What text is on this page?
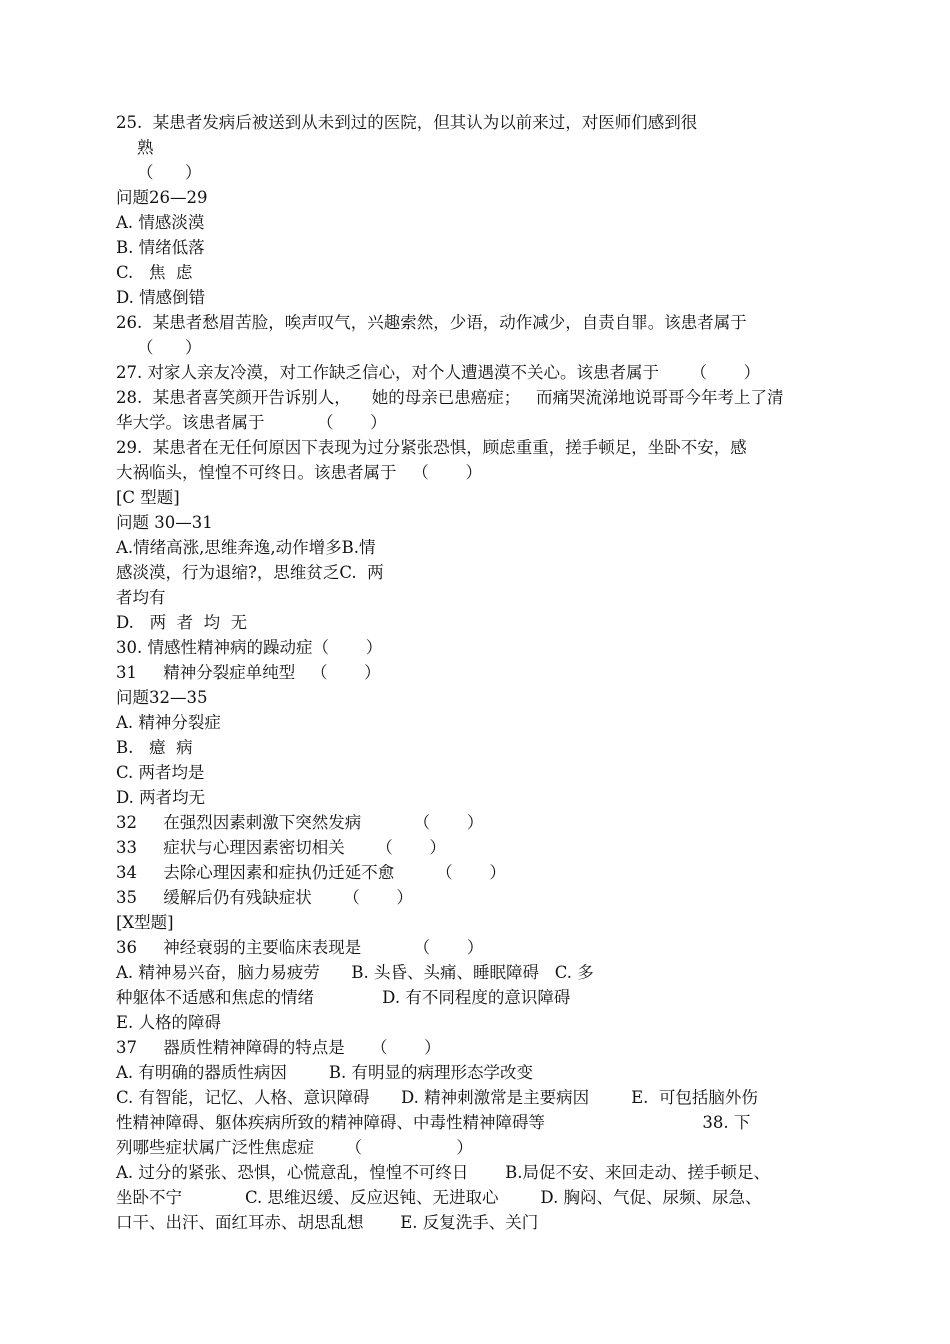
25.  某患者发病后被送到从未到过的医院，但其认为以前来过，对医师们感到很
熟
（      ）
问题26—29
A. 情感淡漠
B. 情绪低落
C.   焦  虑
D. 情感倒错
26.  某患者愁眉苦脸，唉声叹气，兴趣索然，少语，动作减少，自责自罪。该患者属于
（      ）
27. 对家人亲友冷漠，对工作缺乏信心，对个人遭遇漠不关心。该患者属于      （       ）
28.  某患者喜笑颜开告诉别人，    她的母亲已患癌症；   而痛哭流涕地说哥哥今年考上了清
华大学。该患者属于          （       ）
29.  某患者在无任何原因下表现为过分紧张恐惧，顾虑重重，搓手顿足，坐卧不安，感
大祸临头，惶惶不可终日。该患者属于   （       ）
[C 型题]
问题 30—31
A.情绪高涨,思维奔逸,动作增多B.情
感淡漠，行为退缩?，思维贫乏C.  两
者均有
D.   两  者  均  无
30. 情感性精神病的躁动症（       ）
31     精神分裂症单纯型   （       ）
问题32—35
A. 精神分裂症
B.   癔  病
C. 两者均是
D. 两者均无
32     在强烈因素刺激下突然发病          （       ）
33     症状与心理因素密切相关      （       ）
34     去除心理因素和症执仍迁延不愈        （       ）
35     缓解后仍有残缺症状      （       ）
[X型题]
36     神经衰弱的主要临床表现是          （       ）
A. 精神易兴奋，脑力易疲劳      B. 头昏、头痛、睡眠障碍   C. 多
种躯体不适感和焦虑的情绪             D. 有不同程度的意识障碍
E. 人格的障碍
37     器质性精神障碍的特点是     （       ）
A. 有明确的器质性病因        B. 有明显的病理形态学改变
C. 有智能，记忆、人格、意识障碍      D. 精神刺激常是主要病因        E.  可包括脑外伤
性精神障碍、躯体疾病所致的精神障碍、中毒性精神障碍等                              38. 下
列哪些症状属广泛性焦虑症      （                  ）
A. 过分的紧张、恐惧，心慌意乱，惶惶不可终日       B.局促不安、来回走动、搓手顿足、
坐卧不宁            C. 思维迟缓、反应迟钝、无进取心        D. 胸闷、气促、尿频、尿急、
口干、出汗、面红耳赤、胡思乱想       E. 反复洗手、关门
